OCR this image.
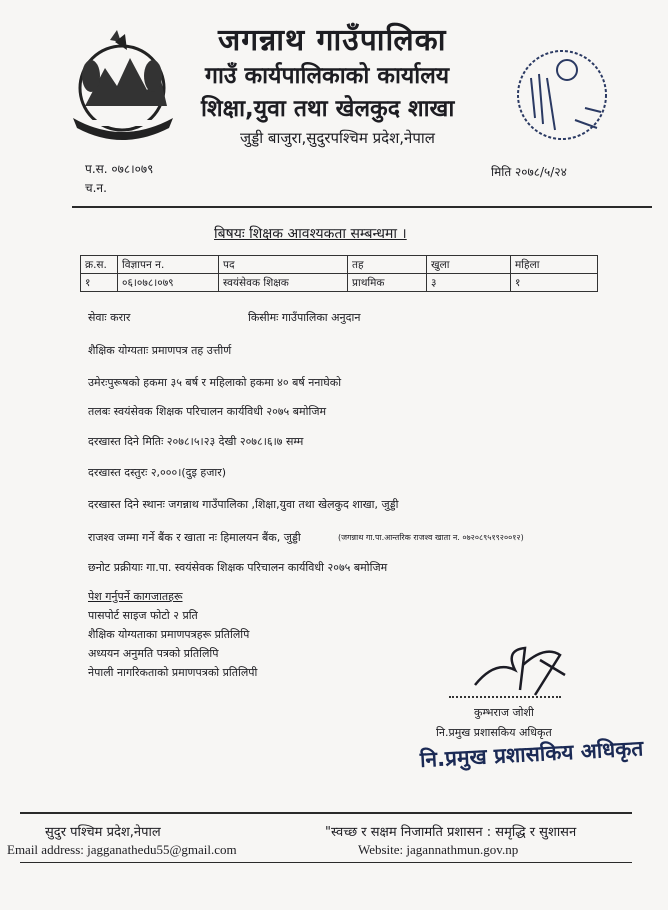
जगन्नाथ गाउँपालिका
गाउँ कार्यपालिकाको कार्यालय
शिक्षा,युवा तथा खेलकुद शाखा
जुड्डी बाजुरा,सुदुरपश्चिम प्रदेश,नेपाल
प.स. ०७८।०७९
च.न.
मिति २०७८/५/२४
बिषयः शिक्षक आवश्यकता सम्बन्धमा ।
क्र.स.	विज्ञापन न.	पद	तह	खुला	महिला
१	०६।०७८।०७९	स्वयंसेवक शिक्षक	प्राथमिक	३	१
सेवाः करार	किसीमः गाउँपालिका अनुदान
शैक्षिक योग्यताः प्रमाणपत्र तह उत्तीर्ण
उमेरःपुरूषको हकमा ३५ बर्ष र महिलाको हकमा ४० बर्ष ननाघेको
तलबः स्वयंसेवक शिक्षक परिचालन कार्यविधी २०७५ बमोजिम
दरखास्त दिने मितिः २०७८।५।२३ देखी २०७८।६।७ सम्म
दरखास्त दस्तुरः २,०००।(दुइ हजार)
दरखास्त दिने स्थानः जगन्नाथ गाउँपालिका ,शिक्षा,युवा तथा खेलकुद शाखा, जुड्डी
राजश्व जम्मा गर्ने बैंक र खाता नः हिमालयन बैंक, जुड्डी	(जगन्नाथ गा.पा.आन्तरिक राजश्व खाता न. ०७२०८९५१९२००१२)
छनोट प्रक्रीयाः गा.पा. स्वयंसेवक शिक्षक परिचालन कार्यविधी २०७५ बमोजिम
पेश गर्नुपर्ने कागजातहरू
पासपोर्ट साइज फोटो २ प्रति
शैक्षिक योग्यताका प्रमाणपत्रहरू प्रतिलिपि
अध्ययन अनुमति पत्रको प्रतिलिपि
नेपाली नागरिकताको प्रमाणपत्रको प्रतिलिपी
कुम्भराज जोशी
नि.प्रमुख प्रशासकिय अधिकृत
नि.प्रमुख प्रशासकिय अधिकृत
सुदुर पश्चिम प्रदेश,नेपाल	"स्वच्छ र सक्षम निजामति प्रशासन : समृद्धि र सुशासन
Email address: jagganathedu55@gmail.com	Website: jagannathmun.gov.np
